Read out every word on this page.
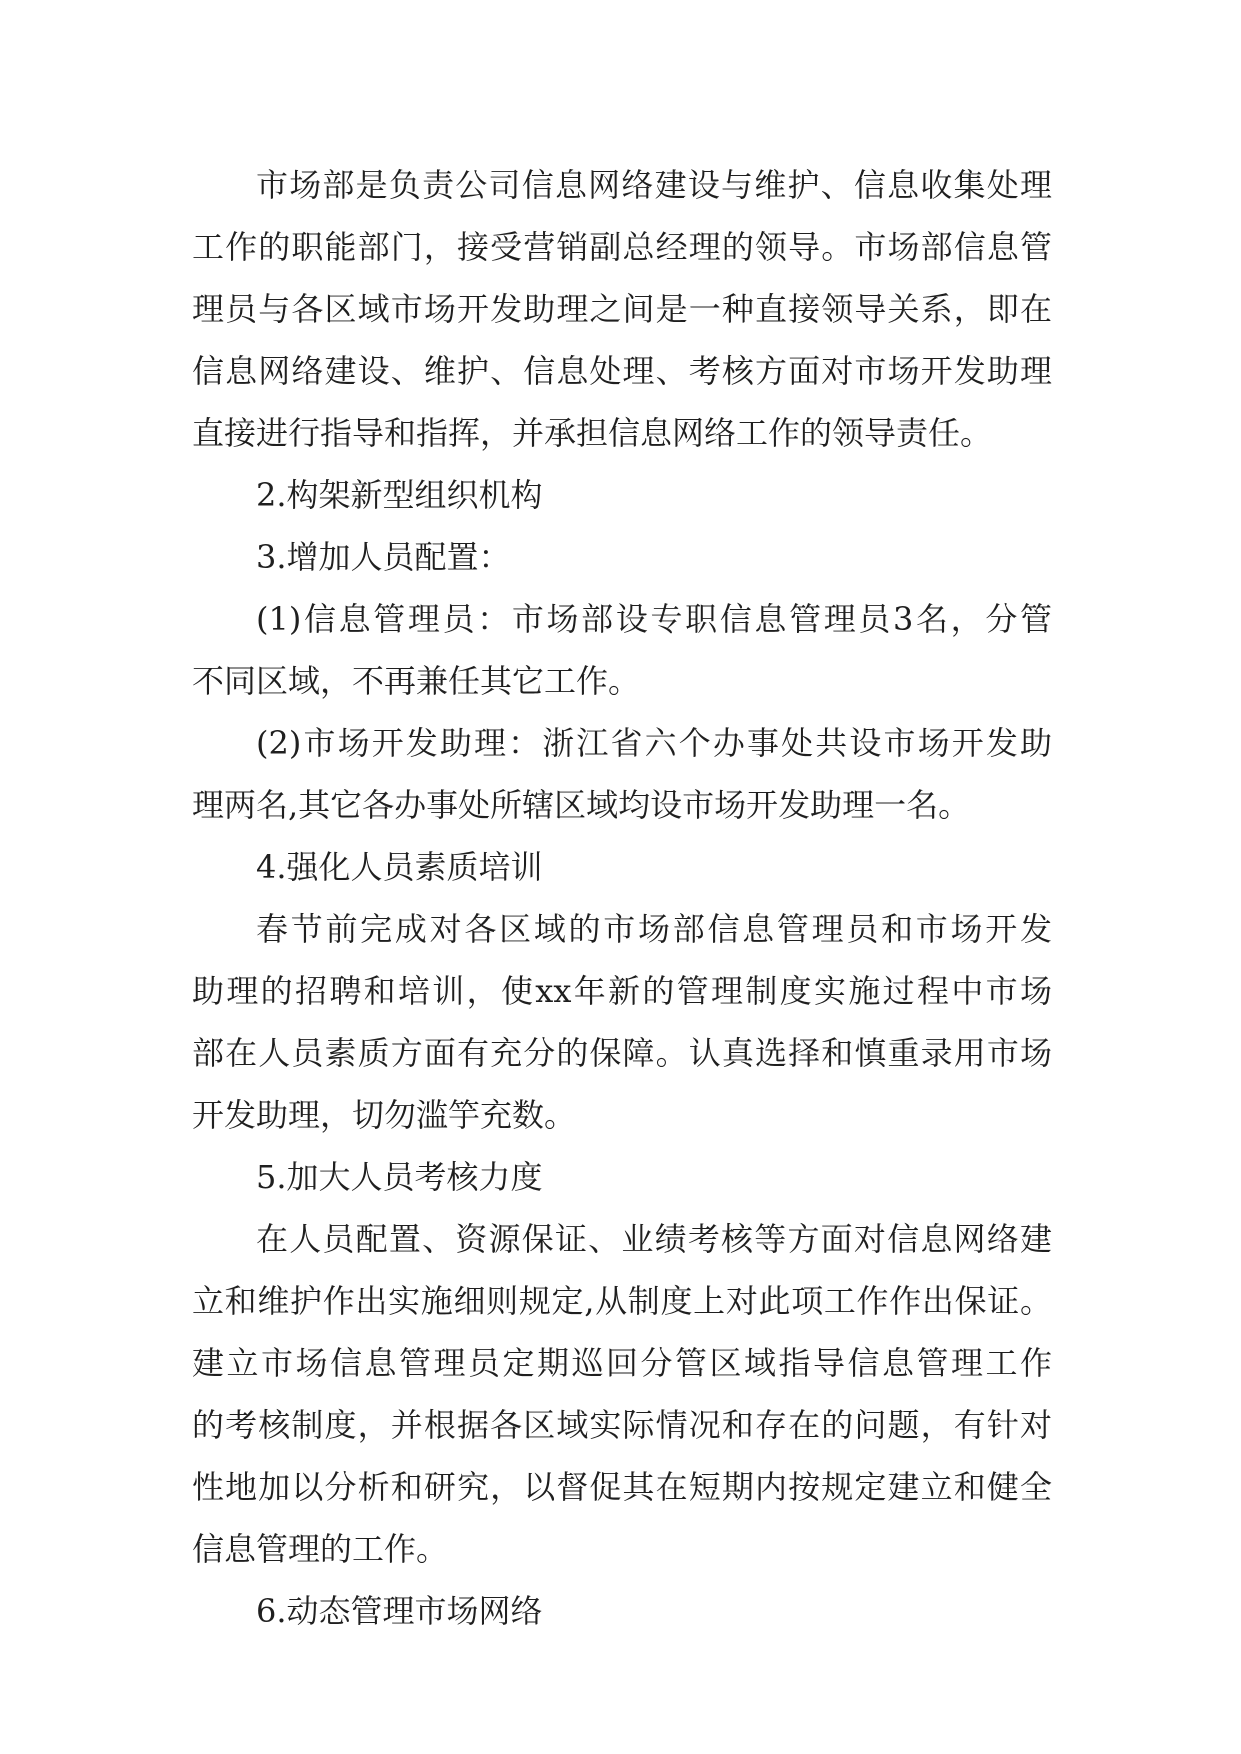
市场部是负责公司信息网络建设与维护、信息收集处理
工作的职能部门，接受营销副总经理的领导。市场部信息管
理员与各区域市场开发助理之间是一种直接领导关系，即在
信息网络建设、维护、信息处理、考核方面对市场开发助理
直接进行指导和指挥，并承担信息网络工作的领导责任。
2.构架新型组织机构
3.增加人员配置：
(1)信息管理员：市场部设专职信息管理员3名，分管
不同区域，不再兼任其它工作。
(2)市场开发助理：浙江省六个办事处共设市场开发助
理两名,其它各办事处所辖区域均设市场开发助理一名。
4.强化人员素质培训
春节前完成对各区域的市场部信息管理员和市场开发
助理的招聘和培训，使xx年新的管理制度实施过程中市场
部在人员素质方面有充分的保障。认真选择和慎重录用市场
开发助理，切勿滥竽充数。
5.加大人员考核力度
在人员配置、资源保证、业绩考核等方面对信息网络建
立和维护作出实施细则规定,从制度上对此项工作作出保证。
建立市场信息管理员定期巡回分管区域指导信息管理工作
的考核制度，并根据各区域实际情况和存在的问题，有针对
性地加以分析和研究，以督促其在短期内按规定建立和健全
信息管理的工作。
6.动态管理市场网络
